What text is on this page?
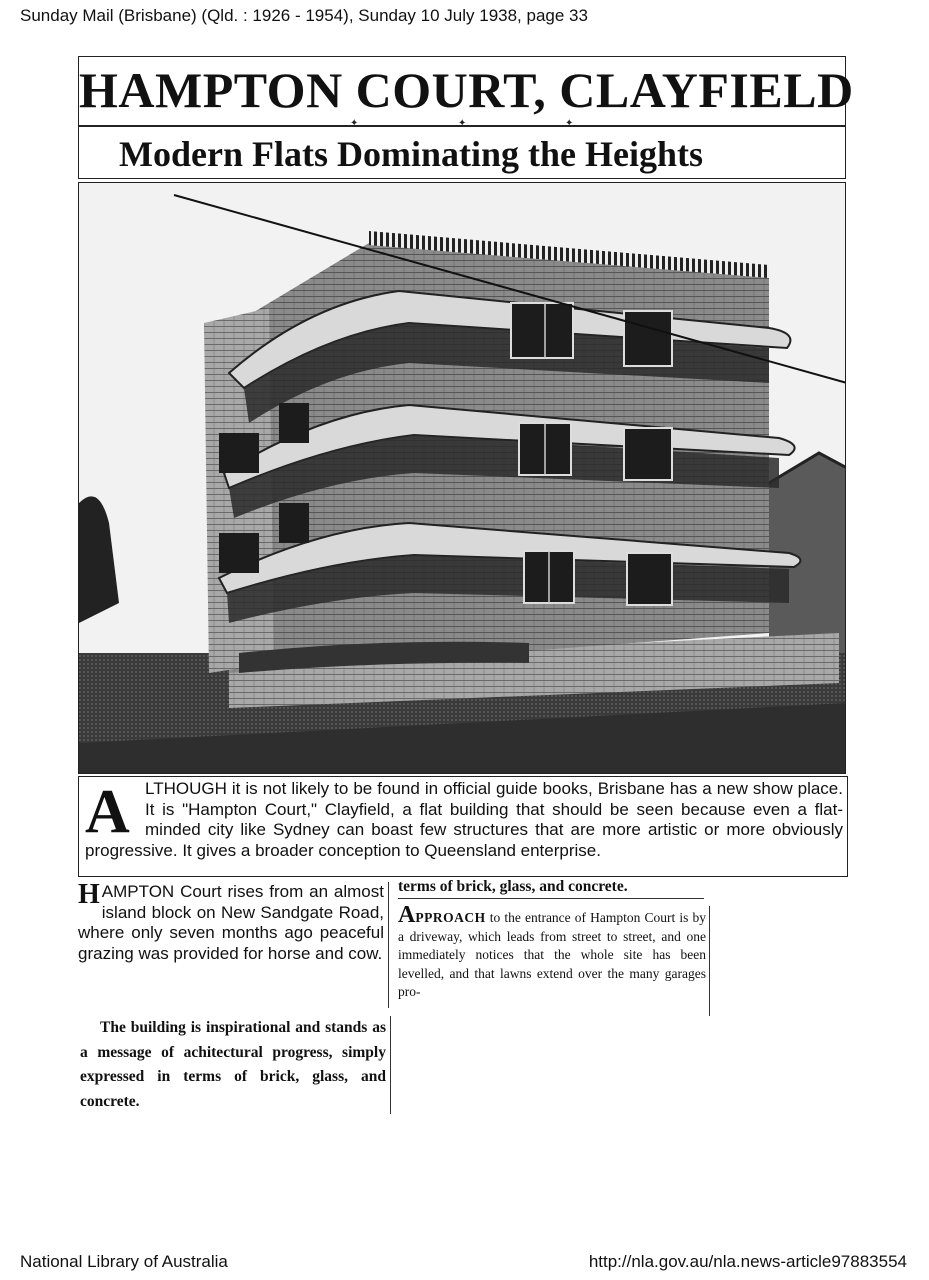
Sunday Mail (Brisbane) (Qld. : 1926 - 1954), Sunday 10 July 1938, page 33
HAMPTON COURT, CLAYFIELD
✦	✦	✦
Modern Flats Dominating the Heights
A LTHOUGH it is not likely to be found in official guide books, Brisbane has a new show place. It is "Hampton Court," Clayfield, a flat building that should be seen because even a flat-minded city like Sydney can boast few structures that are more artistic or more obviously progressive. It gives a broader conception to Queensland enterprise.
HAMPTON Court rises from an almost island block on New Sandgate Road, where only seven months ago peaceful grazing was provided for horse and cow.
The building is inspirational and stands as a message of achitectural progress, simply expressed in terms of brick, glass, and concrete.
terms of brick, glass, and concrete.
APPROACH to the entrance of Hampton Court is by a driveway, which leads from street to street, and one immediately notices that the whole site has been levelled, and that lawns extend over the many garages pro-
National Library of Australia	http://nla.gov.au/nla.news-article97883554
